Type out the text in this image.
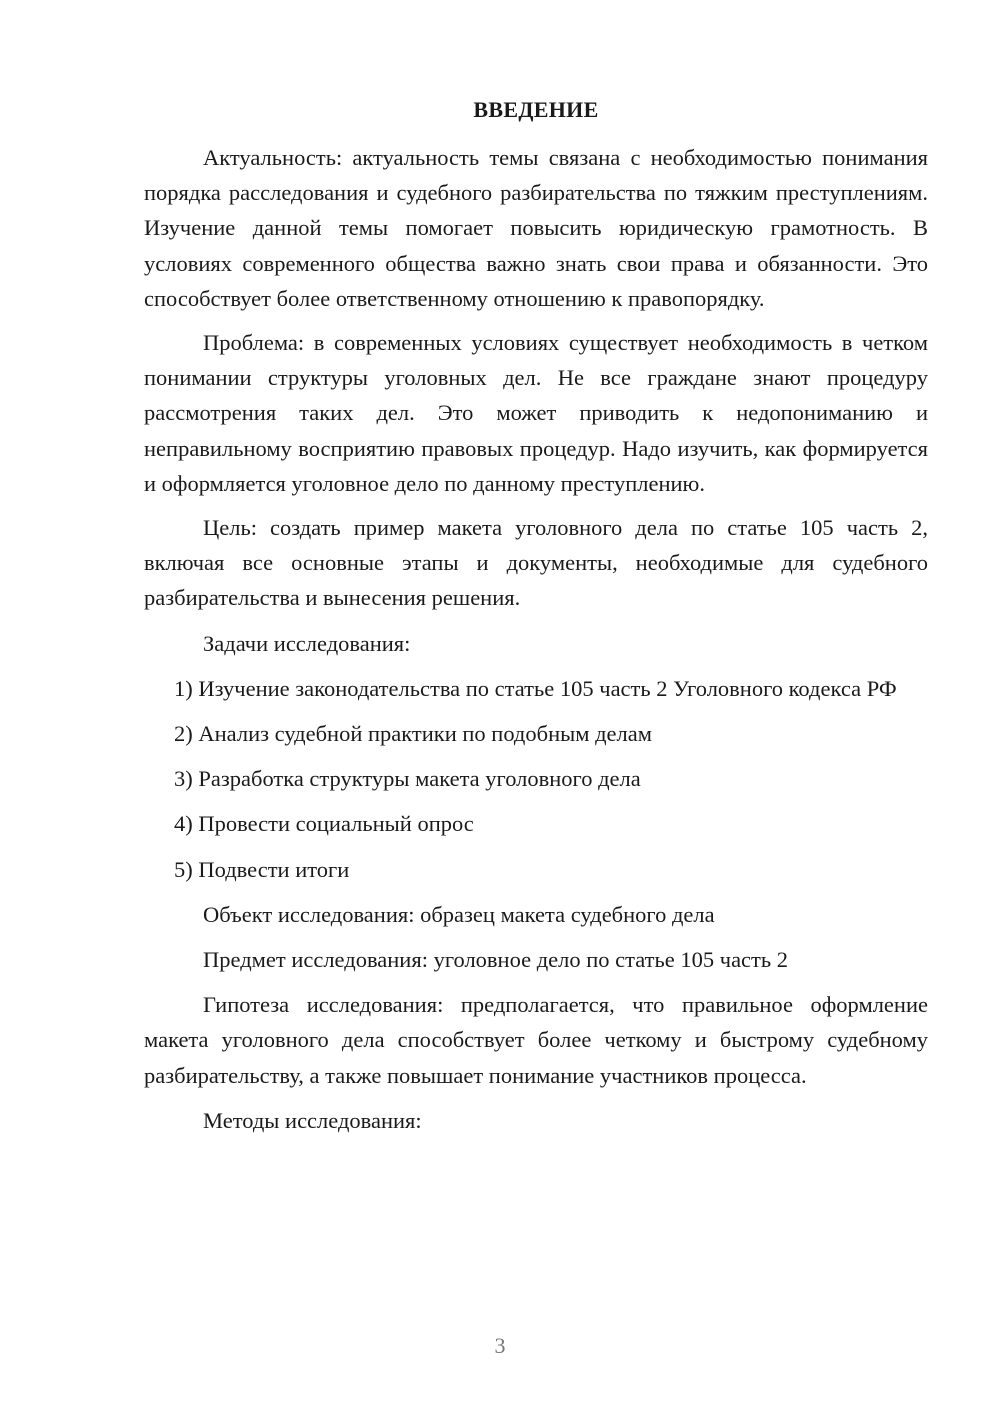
ВВЕДЕНИЕ

Актуальность: актуальность темы связана с необходимостью понимания порядка расследования и судебного разбирательства по тяжким преступлениям. Изучение данной темы помогает повысить юридическую грамотность. В условиях современного общества важно знать свои права и обязанности. Это способствует более ответственному отношению к правопорядку.

Проблема: в современных условиях существует необходимость в четком понимании структуры уголовных дел. Не все граждане знают процедуру рассмотрения таких дел. Это может приводить к недопониманию и неправильному восприятию правовых процедур. Надо изучить, как формируется и оформляется уголовное дело по данному преступлению.

Цель: создать пример макета уголовного дела по статье 105 часть 2, включая все основные этапы и документы, необходимые для судебного разбирательства и вынесения решения.

Задачи исследования:

1) Изучение законодательства по статье 105 часть 2 Уголовного кодекса РФ

2) Анализ судебной практики по подобным делам

3) Разработка структуры макета уголовного дела

4) Провести социальный опрос

5) Подвести итоги

Объект исследования: образец макета судебного дела

Предмет исследования: уголовное дело по статье 105 часть 2

Гипотеза исследования: предполагается, что правильное оформление макета уголовного дела способствует более четкому и быстрому судебному разбирательству, а также повышает понимание участников процесса.

Методы исследования:

3
